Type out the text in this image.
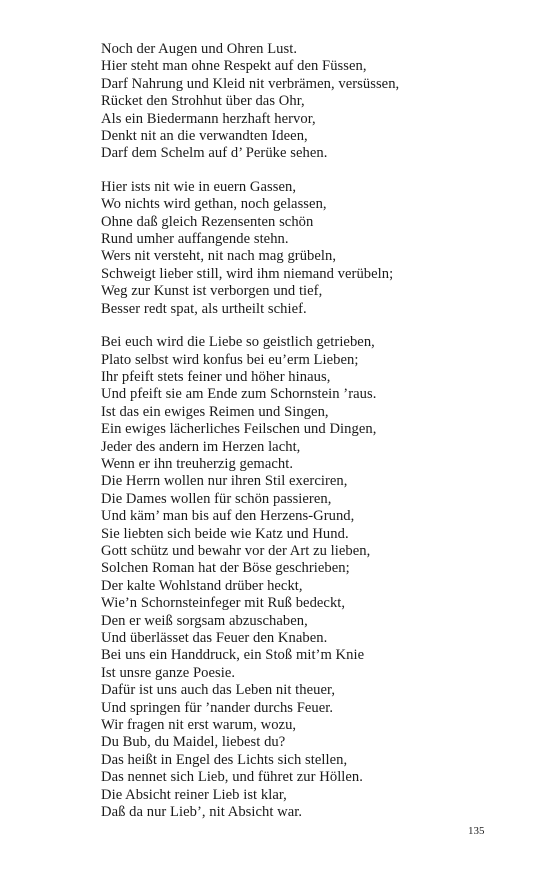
Noch der Augen und Ohren Lust.
Hier steht man ohne Respekt auf den Füssen,
Darf Nahrung und Kleid nit verbrämen, versüssen,
Rücket den Strohhut über das Ohr,
Als ein Biedermann herzhaft hervor,
Denkt nit an die verwandten Ideen,
Darf dem Schelm auf d’ Perüke sehen.
Hier ists nit wie in euern Gassen,
Wo nichts wird gethan, noch gelassen,
Ohne daß gleich Rezensenten schön
Rund umher auffangende stehn.
Wers nit versteht, nit nach mag grübeln,
Schweigt lieber still, wird ihm niemand verübeln;
Weg zur Kunst ist verborgen und tief,
Besser redt spat, als urtheilt schief.
Bei euch wird die Liebe so geistlich getrieben,
Plato selbst wird konfus bei eu’erm Lieben;
Ihr pfeift stets feiner und höher hinaus,
Und pfeift sie am Ende zum Schornstein ’raus.
Ist das ein ewiges Reimen und Singen,
Ein ewiges lächerliches Feilschen und Dingen,
Jeder des andern im Herzen lacht,
Wenn er ihn treuherzig gemacht.
Die Herrn wollen nur ihren Stil exerciren,
Die Dames wollen für schön passieren,
Und käm’ man bis auf den Herzens-Grund,
Sie liebten sich beide wie Katz und Hund.
Gott schütz und bewahr vor der Art zu lieben,
Solchen Roman hat der Böse geschrieben;
Der kalte Wohlstand drüber heckt,
Wie’n Schornsteinfeger mit Ruß bedeckt,
Den er weiß sorgsam abzuschaben,
Und überlässet das Feuer den Knaben.
Bei uns ein Handdruck, ein Stoß mit’m Knie
Ist unsre ganze Poesie.
Dafür ist uns auch das Leben nit theuer,
Und springen für ’nander durchs Feuer.
Wir fragen nit erst warum, wozu,
Du Bub, du Maidel, liebest du?
Das heißt in Engel des Lichts sich stellen,
Das nennet sich Lieb, und führet zur Höllen.
Die Absicht reiner Lieb ist klar,
Daß da nur Lieb’, nit Absicht war.
135
